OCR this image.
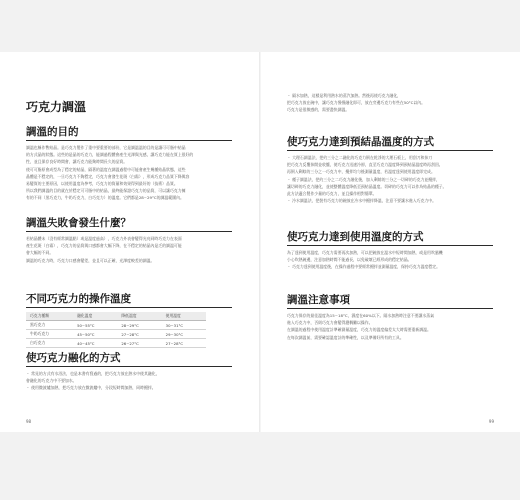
巧克力調溫
調溫的目的
調溫也稱作暫結晶。是巧克力製作了重中要重要的部份，它是調溫溫的目的是讓可可脂中結晶
的方式晶的狀態。這些的是晶的巧克力，能調過程體會產生光澤與光感，讓巧克力能在質上很好的
性，並且保存良好時間會，讓巧克力能夠時間長久的品質。
使可可脂原會成型為了穩定的結晶，隔著的溫度在調溫過程中可能會產生幾種結晶狀態，這些
晶體是不穩定的，一旦巧克力不夠穩定，巧克力會發生花斑（白霜），形成巧克力品質下降與容
易變質的主要原因，以使用溫度為參考，巧克力的質量和效果得到最好的（技術）品質。
所以我們調溫的目的就在於穩定可可脂中的結晶，最終能保證巧克力的品質，可以讓巧克力擁
有的不同（黑巧克力，牛奶巧克力，白巧克力）的溫度。它們都是28~29°C的調溫範圍內。
調溫失敗會發生什麼？
若結晶體未（沒有經常調溫點）或是溫度過高），巧克力外表會變得光亮同時巧克力在表面
產生花斑（白霜），巧克力的品質與口感都會大幅下降，在不穩定的結晶內是乏的調溫可能
會大幅的不同。
調溫的巧克力時，巧克力口感會變差，並且可以正確，光澤度較差的調溫。
不同巧克力的操作溫度
巧克力種類	融化溫度	降低溫度	使用溫度
黑巧克力	50~55°C	28~29°C	30~31°C
牛奶巧克力	45~50°C	27~28°C	29~30°C
白巧克力	40~45°C	26~27°C	27~28°C
使巧克力融化的方式
・ 常見的方式有水浴法，也是本書有寫過的，把巧克力放在熱水中使其融化，
會融化的巧克力中不要加水。
・ 使用微波爐加熱，把巧克力放在微波爐中，分段短時間加熱，同時攪拌。
98
・ 隔水加熱，這樣是利用熱水的蒸汽加熱。然後再使巧克力融化，
把巧克力放在碗中，讓巧克力慢慢融化即可，放在旁邊巧克力有些在50°C以內。
巧克力是很敏感的，需要盡快調溫。
使巧克力達到預結晶溫度的方式
・ 大理石調溫法，把約三分之二融化的巧克力倒在乾淨的大理石板上，用刮刀和抹刀
把巧克力反覆抹開並收攏，使巧克力迅速冷卻，直至巧克力溫度降到預結晶溫度時再刮回。
再倒入剩餘的三分之一巧克力中，攪拌均勻後測量溫度，若溫度達到使用溫度即完成。
・ 種子調溫法，把約三分之二巧克力融化後，加入剩餘的三分之一切碎的巧克力並攪拌，
讓切碎的巧克力融化，並使整體溫度降低至預結晶溫度。切碎的巧克力可以作為結晶的種子。
此方法適合製作少量的巧克力，並且操作相對簡單。
・ 冷水調溫法，把裝有巧克力的碗放在冷水中攪拌降溫，注意不要讓水進入巧克力中。
使巧克力達到使用溫度的方式
為了達到使用溫度，巧克力需要再次加熱，可以把碗放在溫水中短時間加熱，或是用吹風機
小心吹熱碗邊，注意加熱時間不能過長，以免破壞已經形成的穩定結晶。
・ 巧克力達到使用溫度後，在操作過程中要經常攪拌並測量溫度，保持巧克力溫度穩定。
調溫注意事項
巧克力保存的最佳溫度為15~18°C，濕度在60%以下。隔水加熱時注意不要讓水蒸氣
進入巧克力中，否則巧克力會變得濃稠難以操作。
在調溫的過程中使用溫度計準確測量溫度，巧克力的溫度偏差太大時需要重新調溫。
在每次調溫前，需要確認溫度計的準確性，以及準備好所有的工具。
99
